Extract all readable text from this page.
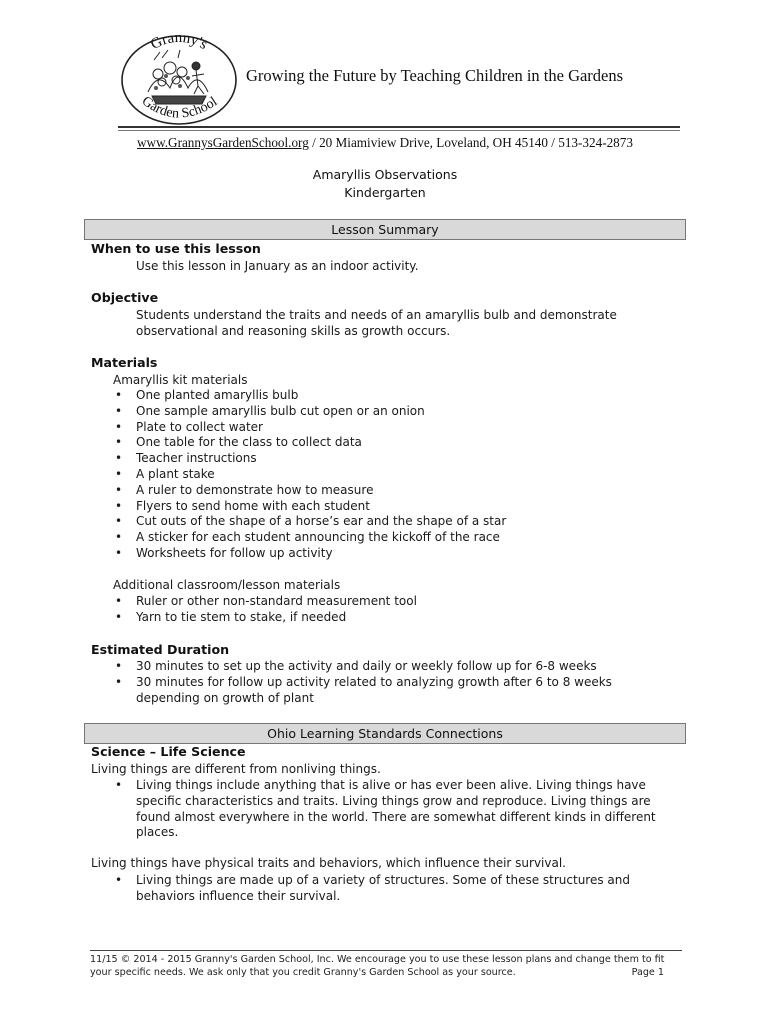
Granny's
Garden School
Growing the Future by Teaching Children in the Gardens
www.GrannysGardenSchool.org / 20 Miamiview Drive, Loveland, OH 45140 / 513-324-2873
Amaryllis Observations
Kindergarten
Lesson Summary
When to use this lesson
Use this lesson in January as an indoor activity.
Objective
Students understand the traits and needs of an amaryllis bulb and demonstrate
observational and reasoning skills as growth occurs.
Materials
Amaryllis kit materials
• One planted amaryllis bulb
• One sample amaryllis bulb cut open or an onion
• Plate to collect water
• One table for the class to collect data
• Teacher instructions
• A plant stake
• A ruler to demonstrate how to measure
• Flyers to send home with each student
• Cut outs of the shape of a horse’s ear and the shape of a star
• A sticker for each student announcing the kickoff of the race
• Worksheets for follow up activity
Additional classroom/lesson materials
• Ruler or other non-standard measurement tool
• Yarn to tie stem to stake, if needed
Estimated Duration
• 30 minutes to set up the activity and daily or weekly follow up for 6-8 weeks
• 30 minutes for follow up activity related to analyzing growth after 6 to 8 weeks
depending on growth of plant
Ohio Learning Standards Connections
Science – Life Science
Living things are different from nonliving things.
• Living things include anything that is alive or has ever been alive. Living things have
specific characteristics and traits. Living things grow and reproduce. Living things are
found almost everywhere in the world. There are somewhat different kinds in different
places.
Living things have physical traits and behaviors, which influence their survival.
• Living things are made up of a variety of structures. Some of these structures and
behaviors influence their survival.
11/15 © 2014 - 2015 Granny's Garden School, Inc. We encourage you to use these lesson plans and change them to fit
your specific needs. We ask only that you credit Granny's Garden School as your source.	Page 1
